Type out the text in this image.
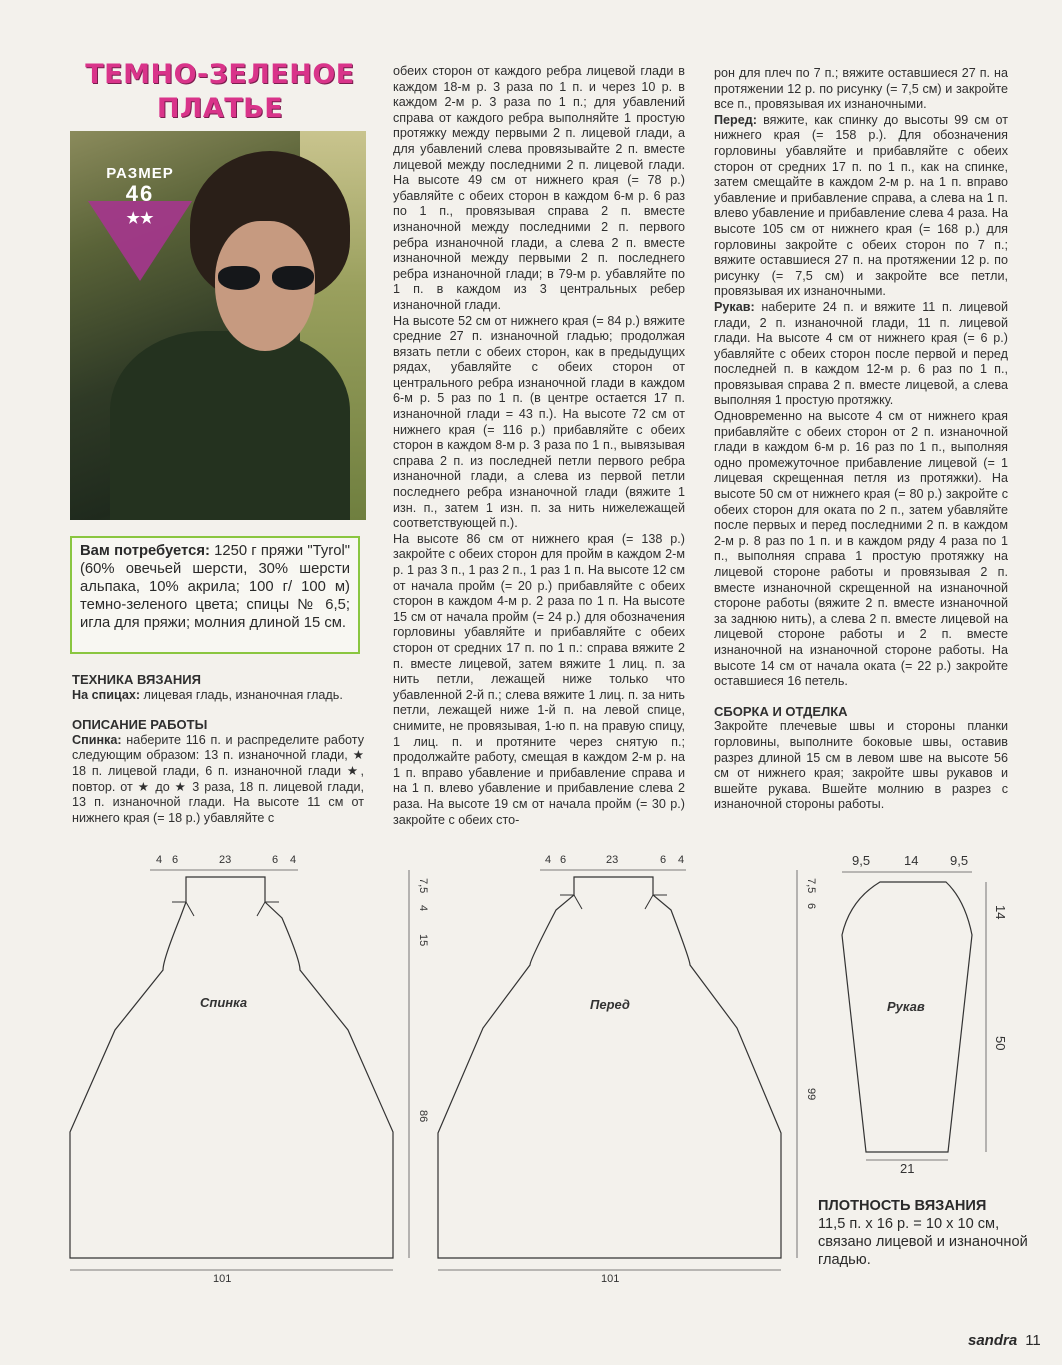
ТЕМНО-ЗЕЛЕНОЕ
ПЛАТЬЕ
РАЗМЕР
46
★★
Вам потребуется: 1250 г пряжи "Tyrol" (60% овечьей шерсти, 30% шерсти альпака, 10% акрила; 100 г/ 100 м) темно-зеленого цвета; спицы № 6,5; игла для пряжи; молния длиной 15 см.

ТЕХНИКА ВЯЗАНИЯ

На спицах: лицевая гладь, изнаночная гладь.

ОПИСАНИЕ РАБОТЫ

Спинка: наберите 116 п. и распределите работу следующим образом: 13 п. изнаночной глади, ★ 18 п. лицевой глади, 6 п. изнаночной глади ★, повтор. от ★ до ★ 3 раза, 18 п. лицевой глади, 13 п. изнаночной глади. На высоте 11 см от нижнего края (= 18 р.) убавляйте с

обеих сторон от каждого ребра лицевой глади в каждом 18-м р. 3 раза по 1 п. и через 10 р. в каждом 2-м р. 3 раза по 1 п.; для убавлений справа от каждого ребра выполняйте 1 простую протяжку между первыми 2 п. лицевой глади, а для убавлений слева провязывайте 2 п. вместе лицевой между последними 2 п. лицевой глади. На высоте 49 см от нижнего края (= 78 р.) убавляйте с обеих сторон в каждом 6-м р. 6 раз по 1 п., провязывая справа 2 п. вместе изнаночной между последними 2 п. первого ребра изнаночной глади, а слева 2 п. вместе изнаночной между первыми 2 п. последнего ребра изнаночной глади; в 79-м р. убавляйте по 1 п. в каждом из 3 центральных ребер изнаночной глади.

На высоте 52 см от нижнего края (= 84 р.) вяжите средние 27 п. изнаночной гладью; продолжая вязать петли с обеих сторон, как в предыдущих рядах, убавляйте с обеих сторон от центрального ребра изнаночной глади в каждом 6-м р. 5 раз по 1 п. (в центре остается 17 п. изнаночной глади = 43 п.). На высоте 72 см от нижнего края (= 116 р.) прибавляйте с обеих сторон в каждом 8-м р. 3 раза по 1 п., вывязывая справа 2 п. из последней петли первого ребра изнаночной глади, а слева из первой петли последнего ребра изнаночной глади (вяжите 1 изн. п., затем 1 изн. п. за нить нижележащей соответствующей п.).

На высоте 86 см от нижнего края (= 138 р.) закройте с обеих сторон для пройм в каждом 2-м р. 1 раз 3 п., 1 раз 2 п., 1 раз 1 п. На высоте 12 см от начала пройм (= 20 р.) прибавляйте с обеих сторон в каждом 4-м р. 2 раза по 1 п. На высоте 15 см от начала пройм (= 24 р.) для обозначения горловины убавляйте и прибавляйте с обеих сторон от средних 17 п. по 1 п.: справа вяжите 2 п. вместе лицевой, затем вяжите 1 лиц. п. за нить петли, лежащей ниже только что убавленной 2-й п.; слева вяжите 1 лиц. п. за нить петли, лежащей ниже 1-й п. на левой спице, снимите, не провязывая, 1-ю п. на правую спицу, 1 лиц. п. и протяните через снятую п.; продолжайте работу, смещая в каждом 2-м р. на 1 п. вправо убавление и прибавление справа и на 1 п. влево убавление и прибавление слева 2 раза. На высоте 19 см от начала пройм (= 30 р.) закройте с обеих сто-

рон для плеч по 7 п.; вяжите оставшиеся 27 п. на протяжении 12 р. по рисунку (= 7,5 см) и закройте все п., провязывая их изнаночными.

Перед: вяжите, как спинку до высоты 99 см от нижнего края (= 158 р.). Для обозначения горловины убавляйте и прибавляйте с обеих сторон от средних 17 п. по 1 п., как на спинке, затем смещайте в каждом 2-м р. на 1 п. вправо убавление и прибавление справа, а слева на 1 п. влево убавление и прибавление слева 4 раза. На высоте 105 см от нижнего края (= 168 р.) для горловины закройте с обеих сторон по 7 п.; вяжите оставшиеся 27 п. на протяжении 12 р. по рисунку (= 7,5 см) и закройте все петли, провязывая их изнаночными.

Рукав: наберите 24 п. и вяжите 11 п. лицевой глади, 2 п. изнаночной глади, 11 п. лицевой глади. На высоте 4 см от нижнего края (= 6 р.) убавляйте с обеих сторон после первой и перед последней п. в каждом 12-м р. 6 раз по 1 п., провязывая справа 2 п. вместе лицевой, а слева выполняя 1 простую протяжку.

Одновременно на высоте 4 см от нижнего края прибавляйте с обеих сторон от 2 п. изнаночной глади в каждом 6-м р. 16 раз по 1 п., выполняя одно промежуточное прибавление лицевой (= 1 лицевая скрещенная петля из протяжки). На высоте 50 см от нижнего края (= 80 р.) закройте с обеих сторон для оката по 2 п., затем убавляйте после первых и перед последними 2 п. в каждом 2-м р. 8 раз по 1 п. и в каждом ряду 4 раза по 1 п., выполняя справа 1 простую протяжку на лицевой стороне работы и провязывая 2 п. вместе изнаночной скрещенной на изнаночной стороне работы (вяжите 2 п. вместе изнаночной за заднюю нить), а слева 2 п. вместе лицевой на лицевой стороне работы и 2 п. вместе изнаночной на изнаночной стороне работы. На высоте 14 см от начала оката (= 22 р.) закройте оставшиеся 16 петель.

СБОРКА И ОТДЕЛКА

Закройте плечевые швы и стороны планки горловины, выполните боковые швы, оставив разрез длиной 15 см в левом шве на высоте 56 см от нижнего края; закройте швы рукавов и вшейте рукава. Вшейте молнию в разрез с изнаночной стороны работы.

4 6	23	6 4
7,5
4
15
86
101
Спинка
4 6	23	6 4
7,5
6
99
101
Перед
9,5	14 9,5
14
50
21
Рукав
ПЛОТНОСТЬ ВЯЗАНИЯ
11,5 п. x 16 р. = 10 x 10 см, связано лицевой и изнаночной гладью.
sandra 11
